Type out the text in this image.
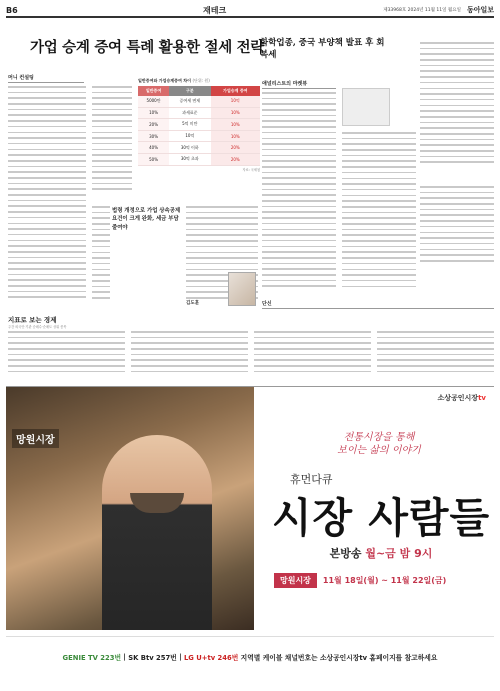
B6	재테크	제33968호 2024년 11월 11일 월요일 동아일보
가업 승계 증여 특례 활용한 절세 전략
머니 컨설팅	일반증여와 가업승계증여 차이 (단위: 원)
일반증여	구분	가업승계 증여
5000만	증여세 면제	10억
10%	과세표준	10%
20%	5억 미만	10%
30%	10억	10%
40%	30억 이하	20%
50%	30억 초과	20%
자료: 국세청
법령 개정으로 가업 상속공제 요건이 크게 완화, 세금 부담 줄여야
김도훈
화학업종, 중국 부양책 발표 후 회복세
애널리스트의 마켓뷰
단신
지표로 보는 경제
주간 외국인·기관 순매수·순매도 상위 종목
망원시장
소상공인시장tv
전통시장을 통해
보이는 삶의 이야기
휴먼다큐
시장 사람들
본방송 월~금 밤 9시
망원시장	11월 18일(월) ~ 11월 22일(금)
GENIE TV 223번 | SK Btv 257번 | LG U+tv 246번
지역별 케이블 채널번호는 소상공인시장tv 홈페이지를 참고하세요
